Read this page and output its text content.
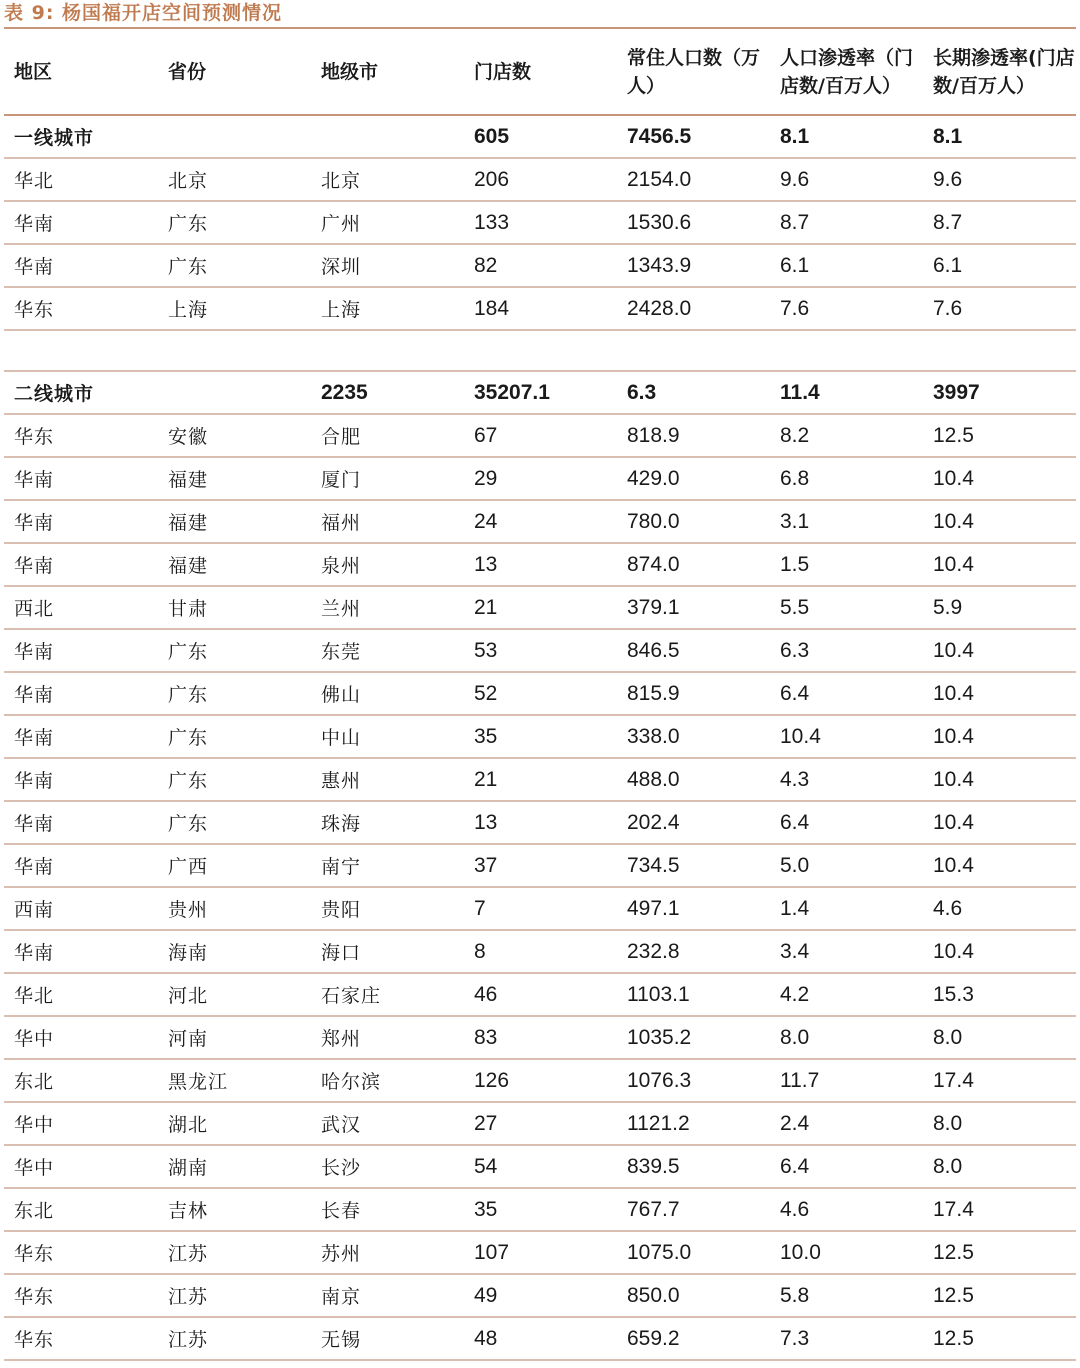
表 9: 杨国福开店空间预测情况
地区	省份	地级市	门店数	常住人口数（万人）	人口渗透率（门店数/百万人）	长期渗透率(门店数/百万人）
一线城市			605	7456.5	8.1	8.1
华北	北京	北京	206	2154.0	9.6	9.6
华南	广东	广州	133	1530.6	8.7	8.7
华南	广东	深圳	82	1343.9	6.1	6.1
华东	上海	上海	184	2428.0	7.6	7.6

二线城市		2235	35207.1	6.3	11.4	3997
华东	安徽	合肥	67	818.9	8.2	12.5
华南	福建	厦门	29	429.0	6.8	10.4
华南	福建	福州	24	780.0	3.1	10.4
华南	福建	泉州	13	874.0	1.5	10.4
西北	甘肃	兰州	21	379.1	5.5	5.9
华南	广东	东莞	53	846.5	6.3	10.4
华南	广东	佛山	52	815.9	6.4	10.4
华南	广东	中山	35	338.0	10.4	10.4
华南	广东	惠州	21	488.0	4.3	10.4
华南	广东	珠海	13	202.4	6.4	10.4
华南	广西	南宁	37	734.5	5.0	10.4
西南	贵州	贵阳	7	497.1	1.4	4.6
华南	海南	海口	8	232.8	3.4	10.4
华北	河北	石家庄	46	1103.1	4.2	15.3
华中	河南	郑州	83	1035.2	8.0	8.0
东北	黑龙江	哈尔滨	126	1076.3	11.7	17.4
华中	湖北	武汉	27	1121.2	2.4	8.0
华中	湖南	长沙	54	839.5	6.4	8.0
东北	吉林	长春	35	767.7	4.6	17.4
华东	江苏	苏州	107	1075.0	10.0	12.5
华东	江苏	南京	49	850.0	5.8	12.5
华东	江苏	无锡	48	659.2	7.3	12.5
